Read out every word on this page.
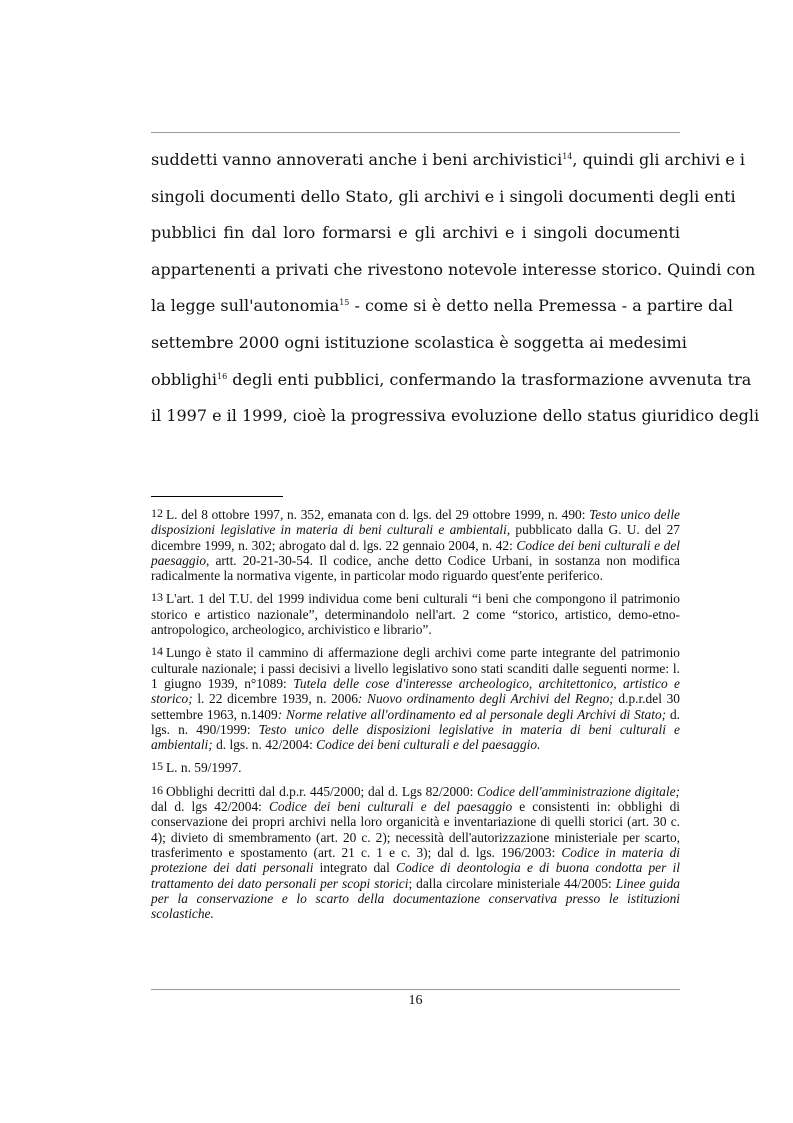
suddetti vanno annoverati anche i beni archivistici$^{14}$, quindi gli archivi e i
singoli documenti dello Stato, gli archivi e i singoli documenti degli enti
pubblici fin dal loro formarsi e gli archivi e i singoli documenti
appartenenti a privati che rivestono notevole interesse storico. Quindi con
la legge sull'autonomia$^{15}$ - come si è detto nella Premessa - a partire dal
settembre 2000 ogni istituzione scolastica è soggetta ai medesimi
obblighi$^{16}$ degli enti pubblici, confermando la trasformazione avvenuta tra
il 1997 e il 1999, cioè la progressiva evoluzione dello status giuridico degli
12 L. del 8 ottobre 1997, n. 352, emanata con d. lgs. del 29 ottobre 1999, n. 490: Testo unico delle disposizioni legislative in materia di beni culturali e ambientali, pubblicato dalla G. U. del 27 dicembre 1999, n. 302; abrogato dal d. lgs. 22 gennaio 2004, n. 42: Codice dei beni culturali e del paesaggio, artt. 20-21-30-54. Il codice, anche detto Codice Urbani, in sostanza non modifica radicalmente la normativa vigente, in particolar modo riguardo quest'ente periferico.
13 L'art. 1 del T.U. del 1999 individua come beni culturali “i beni che compongono il patrimonio storico e artistico nazionale”, determinandolo nell'art. 2 come “storico, artistico, demo-etno-antropologico, archeologico, archivistico e librario”.
14 Lungo è stato il cammino di affermazione degli archivi come parte integrante del patrimonio culturale nazionale; i passi decisivi a livello legislativo sono stati scanditi dalle seguenti norme: l. 1 giugno 1939, n°1089: Tutela delle cose d'interesse archeologico, architettonico, artistico e storico; l. 22 dicembre 1939, n. 2006: Nuovo ordinamento degli Archivi del Regno; d.p.r.del 30 settembre 1963, n.1409: Norme relative all'ordinamento ed al personale degli Archivi di Stato; d. lgs. n. 490/1999: Testo unico delle disposizioni legislative in materia di beni culturali e ambientali; d. lgs. n. 42/2004: Codice dei beni culturali e del paesaggio.
15 L. n. 59/1997.
16 Obblighi decritti dal d.p.r. 445/2000; dal d. Lgs 82/2000: Codice dell'amministrazione digitale; dal d. lgs 42/2004: Codice dei beni culturali e del paesaggio e consistenti in: obblighi di conservazione dei propri archivi nella loro organicità e inventariazione di quelli storici (art. 30 c. 4); divieto di smembramento (art. 20 c. 2); necessità dell'autorizzazione ministeriale per scarto, trasferimento e spostamento (art. 21 c. 1 e c. 3); dal d. lgs. 196/2003: Codice in materia di protezione dei dati personali integrato dal Codice di deontologia e di buona condotta per il trattamento dei dato personali per scopi storici; dalla circolare ministeriale 44/2005: Linee guida per la conservazione e lo scarto della documentazione conservativa presso le istituzioni scolastiche.
16
